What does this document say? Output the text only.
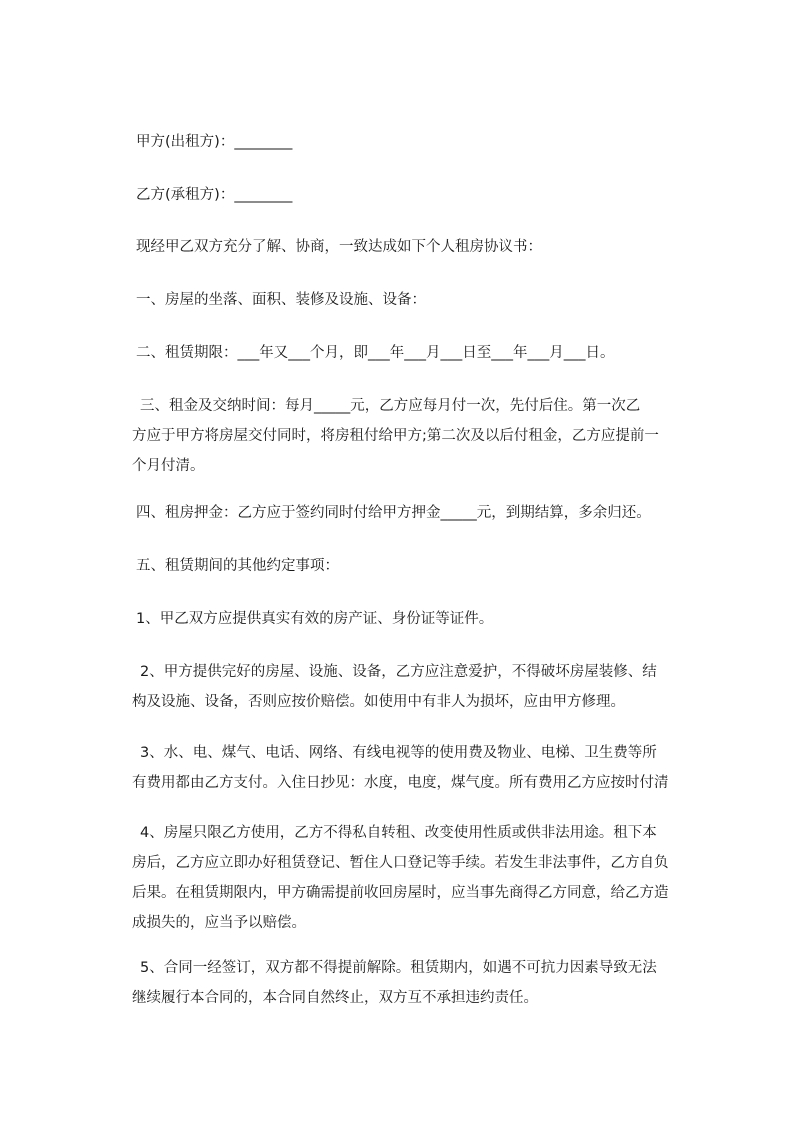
甲方(出租方)：________

乙方(承租方)：________

现经甲乙双方充分了解、协商，一致达成如下个人租房协议书：

一、房屋的坐落、面积、装修及设施、设备：

二、租赁期限：___年又___个月，即___年___月___日至___年___月___日。

三、租金及交纳时间：每月_____元，乙方应每月付一次，先付后住。第一次乙
方应于甲方将房屋交付同时，将房租付给甲方;第二次及以后付租金，乙方应提前一
个月付清。

四、租房押金：乙方应于签约同时付给甲方押金_____元，到期结算，多余归还。

五、租赁期间的其他约定事项：

1、甲乙双方应提供真实有效的房产证、身份证等证件。

2、甲方提供完好的房屋、设施、设备，乙方应注意爱护，不得破坏房屋装修、结
构及设施、设备，否则应按价赔偿。如使用中有非人为损坏，应由甲方修理。
3、水、电、煤气、电话、网络、有线电视等的使用费及物业、电梯、卫生费等所
有费用都由乙方支付。入住日抄见：水度，电度，煤气度。所有费用乙方应按时付清
4、房屋只限乙方使用，乙方不得私自转租、改变使用性质或供非法用途。租下本
房后，乙方应立即办好租赁登记、暂住人口登记等手续。若发生非法事件，乙方自负
后果。在租赁期限内，甲方确需提前收回房屋时，应当事先商得乙方同意，给乙方造
成损失的，应当予以赔偿。
5、合同一经签订，双方都不得提前解除。租赁期内，如遇不可抗力因素导致无法
继续履行本合同的，本合同自然终止，双方互不承担违约责任。
